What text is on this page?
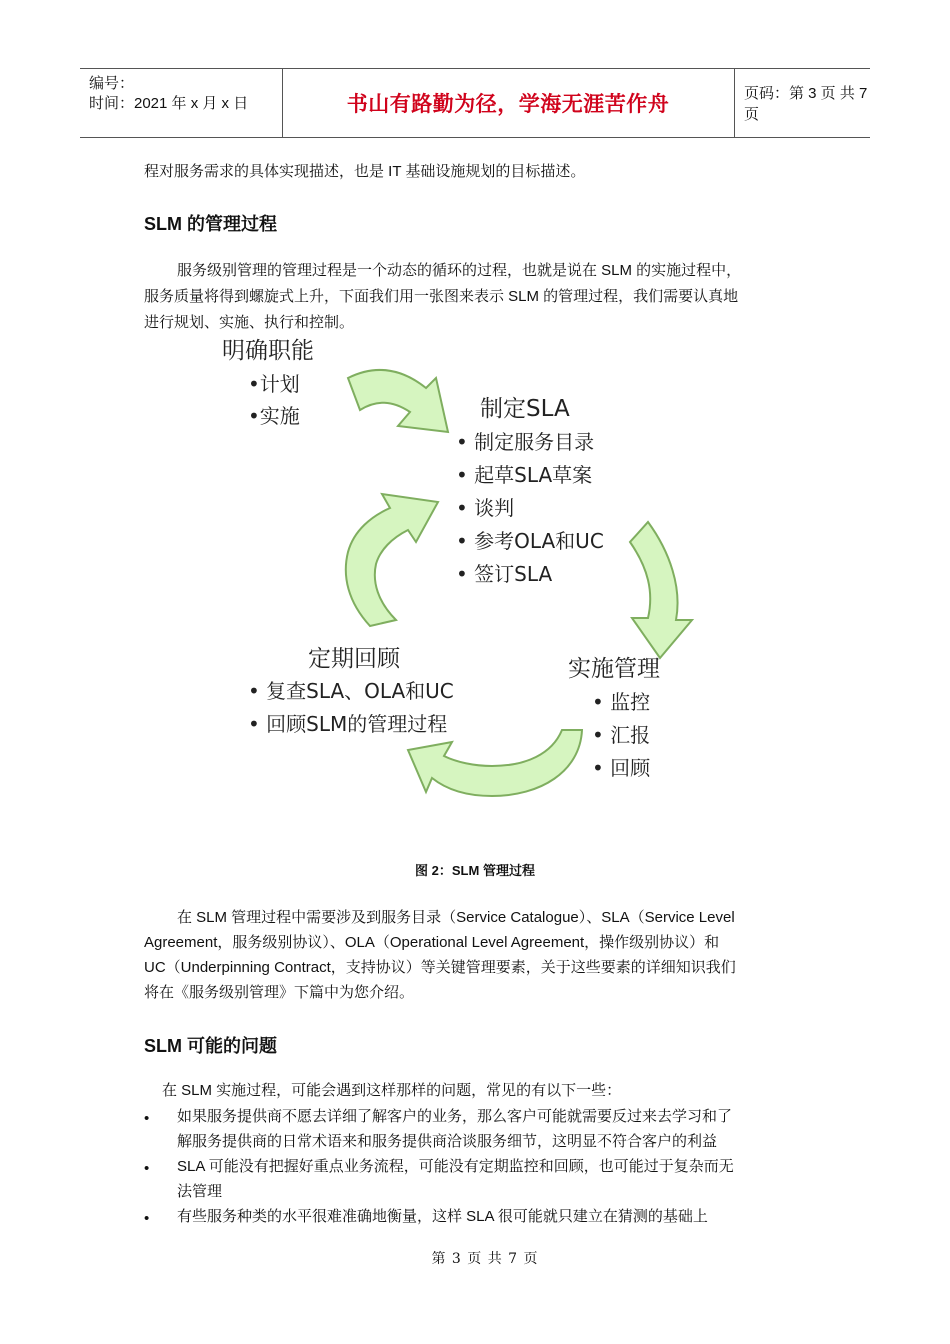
编号：
时间：2021 年 x 月 x 日	书山有路勤为径，学海无涯苦作舟	页码：第 3 页 共 7 页
程对服务需求的具体实现描述，也是 IT 基础设施规划的目标描述。
SLM 的管理过程
服务级别管理的管理过程是一个动态的循环的过程，也就是说在 SLM 的实施过程中，
服务质量将得到螺旋式上升，下面我们用一张图来表示 SLM 的管理过程，我们需要认真地
进行规划、实施、执行和控制。
明确职能
•计划
•实施	制定SLA
• 制定服务目录
• 起草SLA草案
• 谈判
• 参考OLA和UC
• 签订SLA
实施管理
• 监控
• 汇报
• 回顾
定期回顾
• 复查SLA、OLA和UC
• 回顾SLM的管理过程
图 2：SLM 管理过程
在 SLM 管理过程中需要涉及到服务目录（Service Catalogue）、SLA（Service Level
Agreement，服务级别协议）、OLA（Operational Level Agreement，操作级别协议）和
UC（Underpinning Contract，支持协议）等关键管理要素，关于这些要素的详细知识我们
将在《服务级别管理》下篇中为您介绍。
SLM 可能的问题
在 SLM 实施过程，可能会遇到这样那样的问题，常见的有以下一些：
• 如果服务提供商不愿去详细了解客户的业务，那么客户可能就需要反过来去学习和了
解服务提供商的日常术语来和服务提供商洽谈服务细节，这明显不符合客户的利益
• SLA 可能没有把握好重点业务流程，可能没有定期监控和回顾，也可能过于复杂而无
法管理
• 有些服务种类的水平很难准确地衡量，这样 SLA 很可能就只建立在猜测的基础上
第 3 页 共 7 页
